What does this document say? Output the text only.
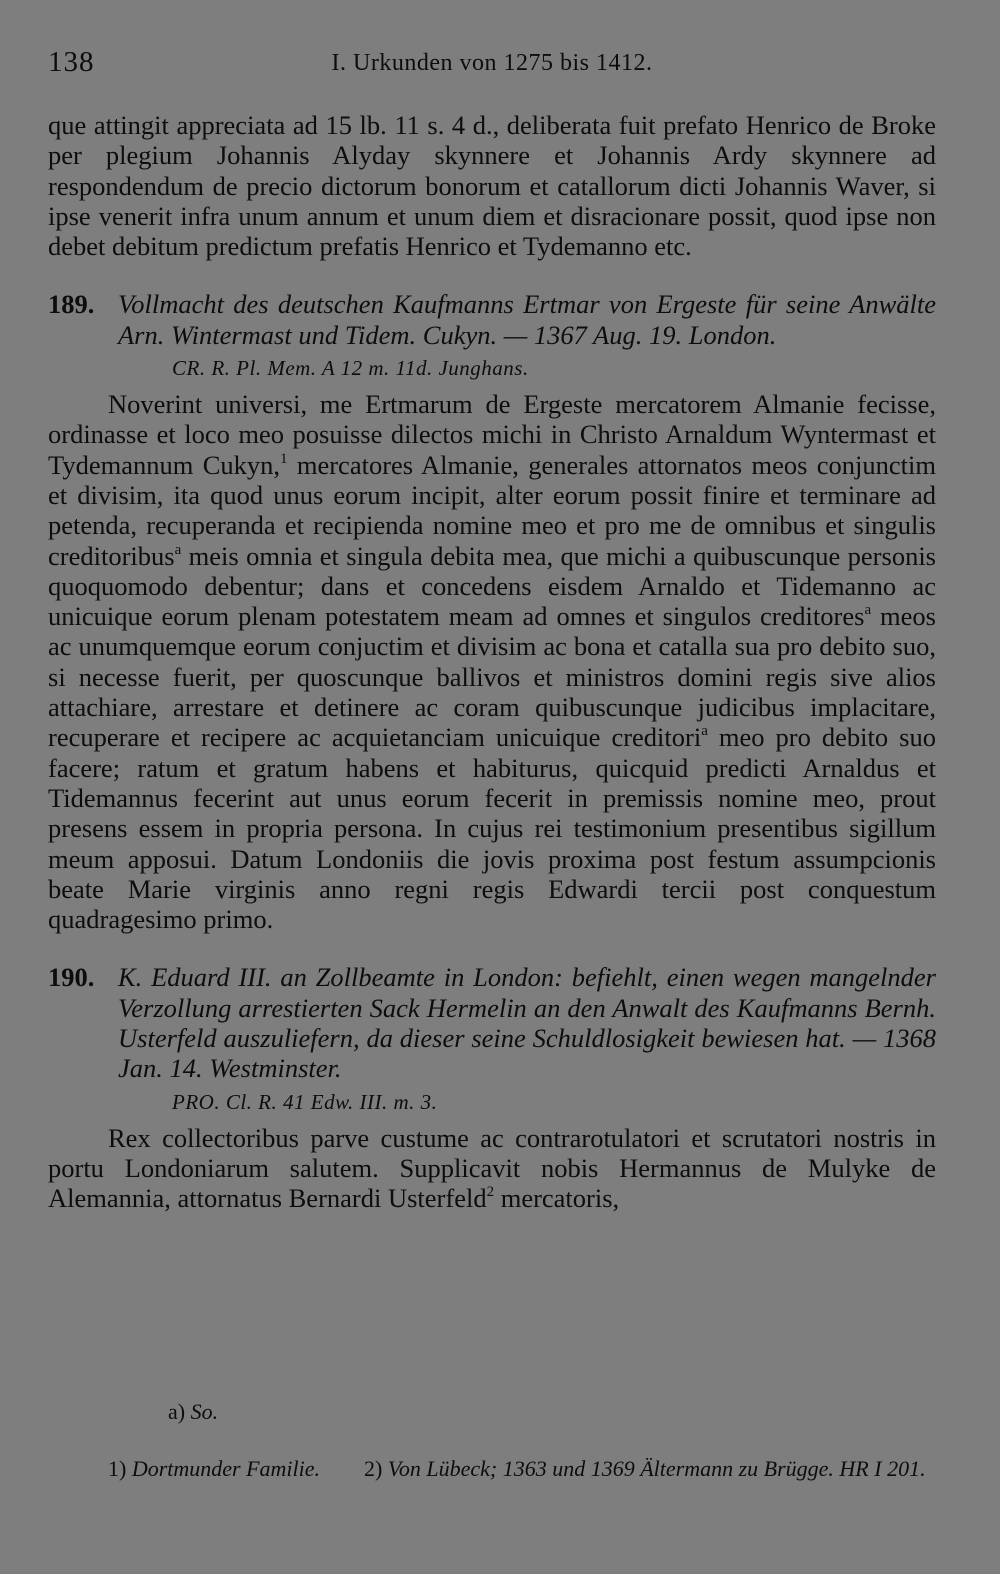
138	I. Urkunden von 1275 bis 1412.

que attingit appreciata ad 15 lb. 11 s. 4 d., deliberata fuit prefato Henrico de Broke per plegium Johannis Alyday skynnere et Johannis Ardy skynnere ad respondendum de precio dictorum bonorum et catallorum dicti Johannis Waver, si ipse venerit infra unum annum et unum diem et disracionare possit, quod ipse non debet debitum predictum prefatis Henrico et Tydemanno etc.

189. Vollmacht des deutschen Kaufmanns Ertmar von Ergeste für seine Anwälte Arn. Wintermast und Tidem. Cukyn. — 1367 Aug. 19. London.
CR. R. Pl. Mem. A 12 m. 11d. Junghans.

Noverint universi, me Ertmarum de Ergeste mercatorem Almanie fecisse, ordinasse et loco meo posuisse dilectos michi in Christo Arnaldum Wyntermast et Tydemannum Cukyn,$^1$ mercatores Almanie, generales attornatos meos conjunctim et divisim, ita quod unus eorum incipit, alter eorum possit finire et terminare ad petenda, recuperanda et recipienda nomine meo et pro me de omnibus et singulis creditoribus$^a$ meis omnia et singula debita mea, que michi a quibuscunque personis quoquomodo debentur; dans et concedens eisdem Arnaldo et Tidemanno ac unicuique eorum plenam potestatem meam ad omnes et singulos creditores$^a$ meos ac unumquemque eorum conjuctim et divisim ac bona et catalla sua pro debito suo, si necesse fuerit, per quoscunque ballivos et ministros domini regis sive alios attachiare, arrestare et detinere ac coram quibuscunque judicibus implacitare, recuperare et recipere ac acquietanciam unicuique creditori$^a$ meo pro debito suo facere; ratum et gratum habens et habiturus, quicquid predicti Arnaldus et Tidemannus fecerint aut unus eorum fecerit in premissis nomine meo, prout presens essem in propria persona. In cujus rei testimonium presentibus sigillum meum apposui. Datum Londoniis die jovis proxima post festum assumpcionis beate Marie virginis anno regni regis Edwardi tercii post conquestum quadragesimo primo.

190. K. Eduard III. an Zollbeamte in London: befiehlt, einen wegen mangelnder Verzollung arrestierten Sack Hermelin an den Anwalt des Kaufmanns Bernh. Usterfeld auszuliefern, da dieser seine Schuldlosigkeit bewiesen hat. — 1368 Jan. 14. Westminster.
PRO. Cl. R. 41 Edw. III. m. 3.

Rex collectoribus parve custume ac contrarotulatori et scrutatori nostris in portu Londoniarum salutem. Supplicavit nobis Hermannus de Mulyke de Alemannia, attornatus Bernardi Usterfeld$^2$ mercatoris,

a) So.
1) Dortmunder Familie. 2) Von Lübeck; 1363 und 1369 Ältermann zu Brügge. HR I 201.
